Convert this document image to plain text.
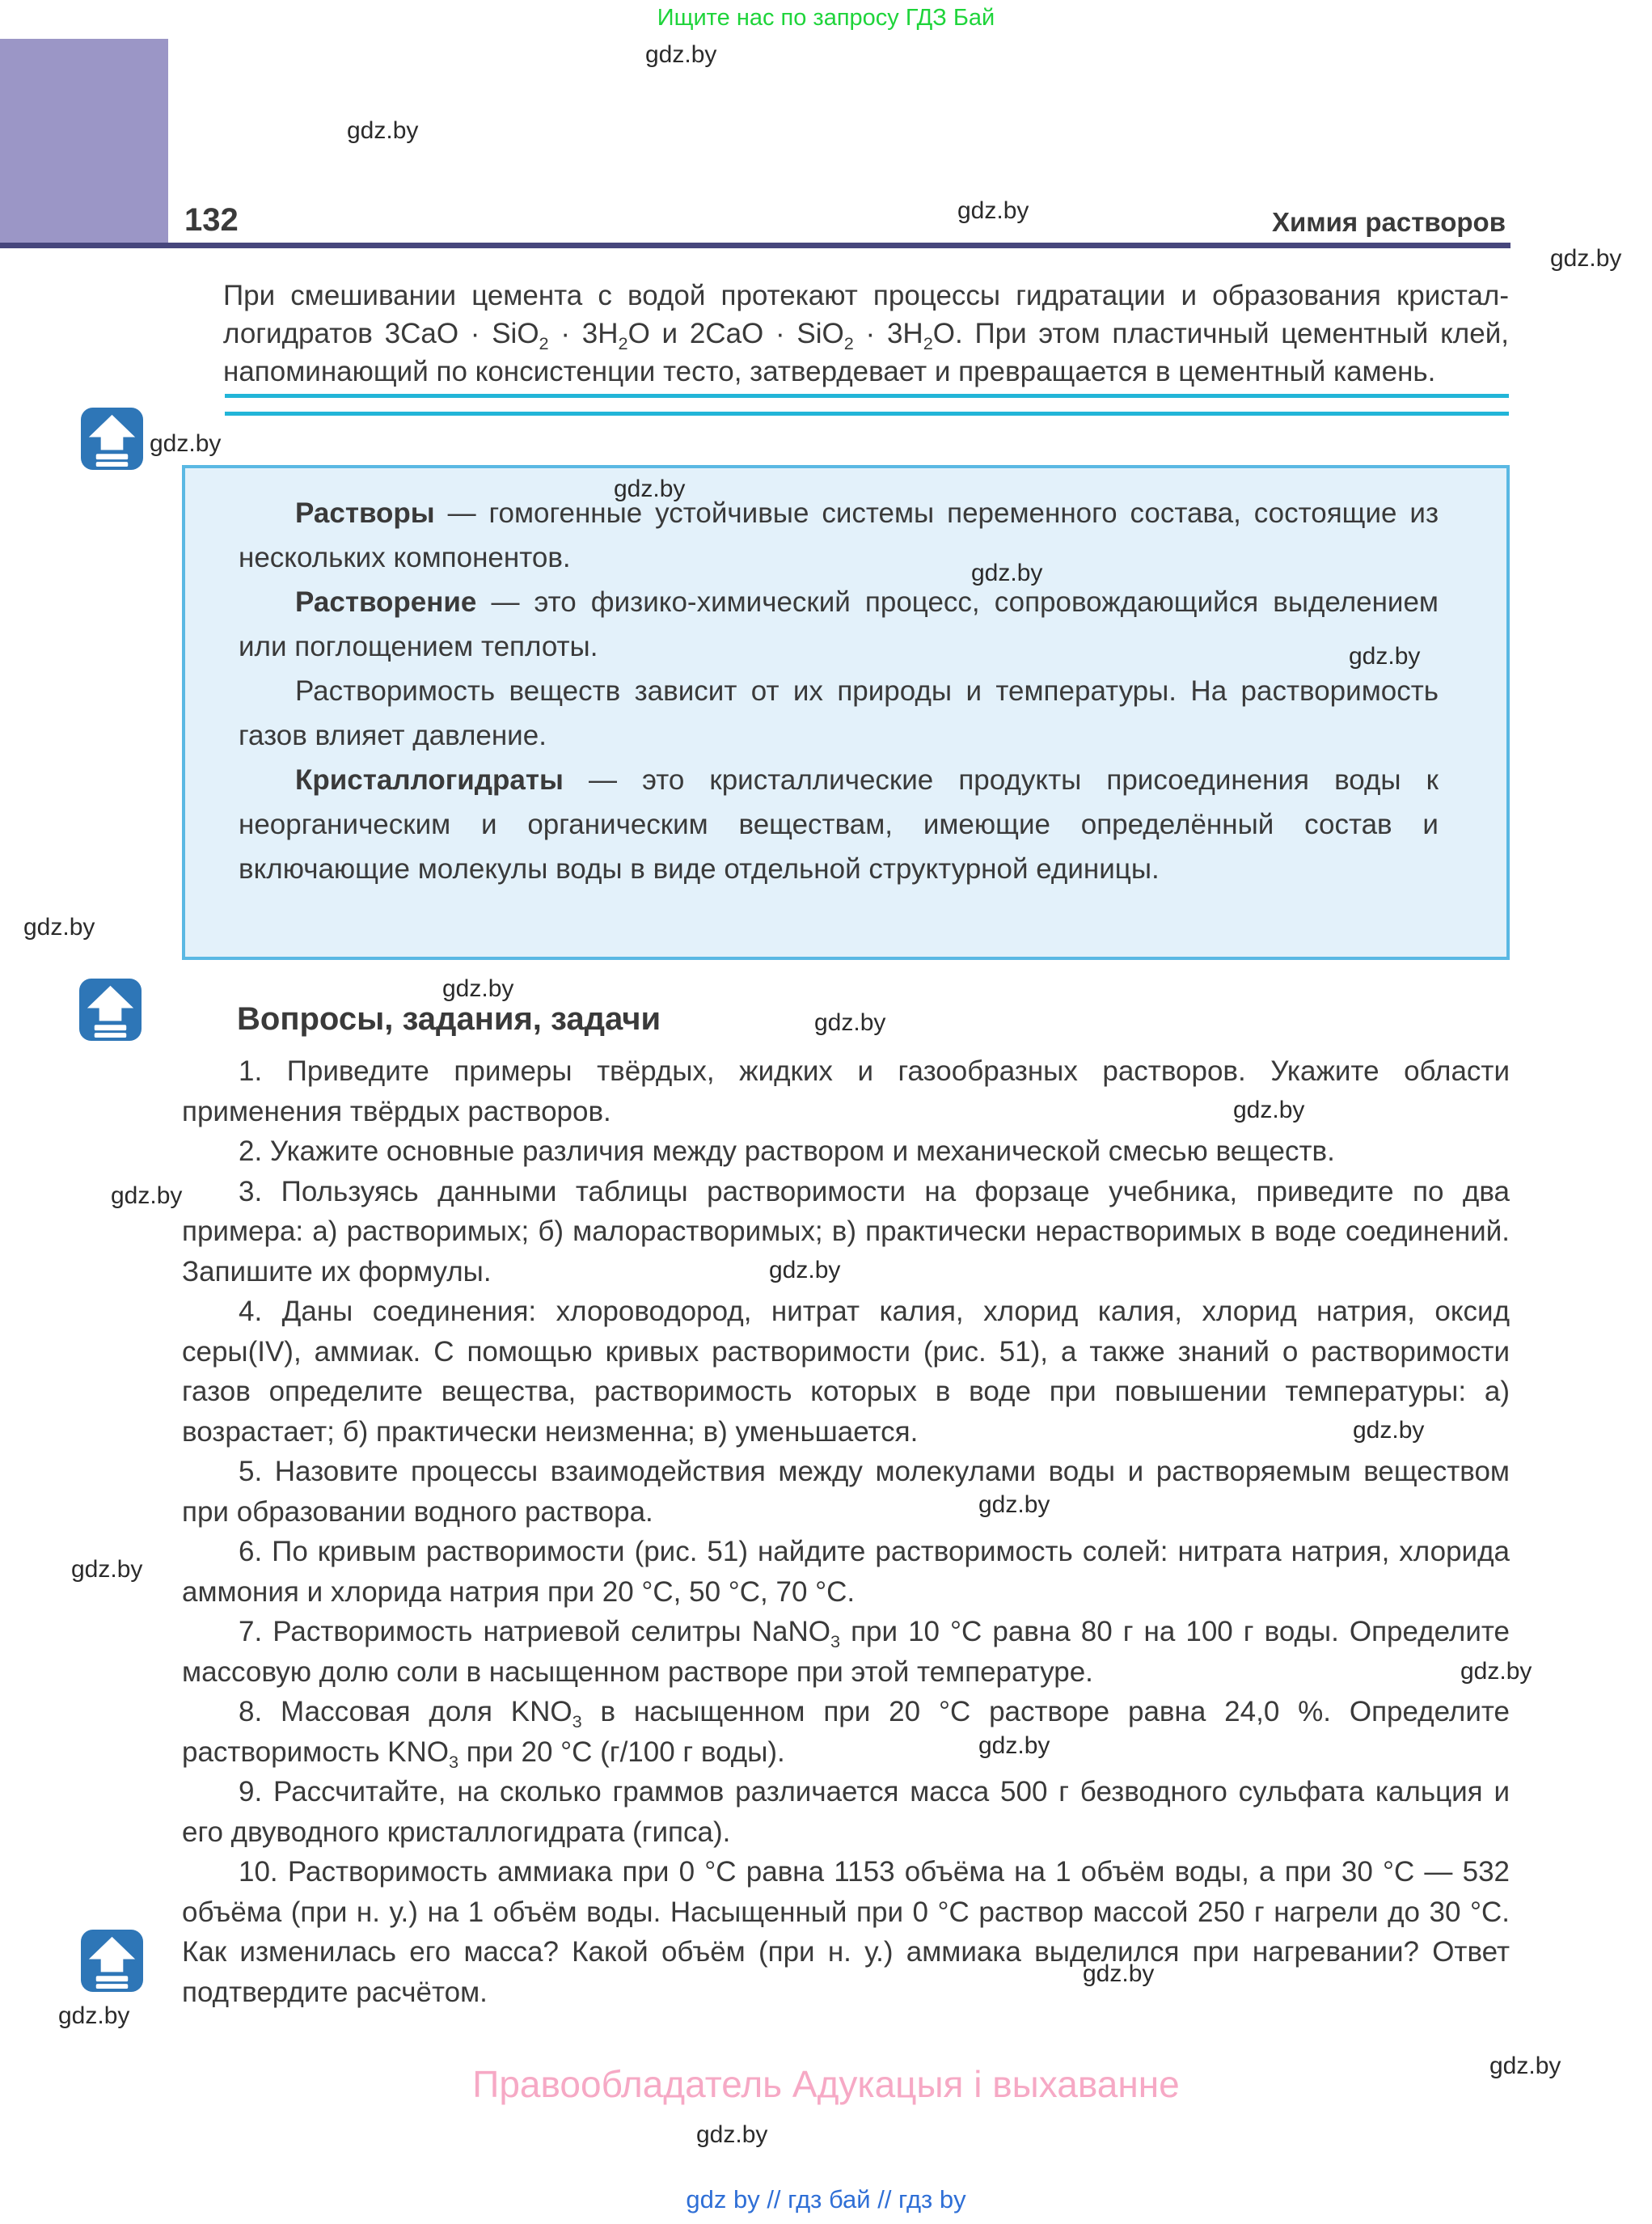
Ищите нас по запросу ГДЗ Бай
132	Химия растворов
При смешивании цемента с водой протекают процессы гидратации и образования кристаллогидратов $3CaO \cdot SiO_2 \cdot 3H_2O$ и $2CaO \cdot SiO_2 \cdot 3H_2O$. При этом пластичный цементный клей, напоминающий по консистенции тесто, затвердевает и превращается в цементный камень.

Растворы — гомогенные устойчивые системы переменного состава, состоящие из нескольких компонентов.

Растворение — это физико-химический процесс, сопровождающийся выделением или поглощением теплоты.

Растворимость веществ зависит от их природы и температуры. На растворимость газов влияет давление.

Кристаллогидраты — это кристаллические продукты присоединения воды к неорганическим и органическим веществам, имеющие определённый состав и включающие молекулы воды в виде отдельной структурной единицы.

Вопросы, задания, задачи

1. Приведите примеры твёрдых, жидких и газообразных растворов. Укажите области применения твёрдых растворов.

2. Укажите основные различия между раствором и механической смесью веществ.

3. Пользуясь данными таблицы растворимости на форзаце учебника, приведите по два примера: а) растворимых; б) малорастворимых; в) практически нерастворимых в воде соединений. Запишите их формулы.

4. Даны соединения: хлороводород, нитрат калия, хлорид калия, хлорид натрия, оксид серы(IV), аммиак. С помощью кривых растворимости (рис. 51), а также знаний о растворимости газов определите вещества, растворимость которых в воде при повышении температуры: а) возрастает; б) практически неизменна; в) уменьшается.

5. Назовите процессы взаимодействия между молекулами воды и растворяемым веществом при образовании водного раствора.

6. По кривым растворимости (рис. 51) найдите растворимость солей: нитрата натрия, хлорида аммония и хлорида натрия при 20 °С, 50 °С, 70 °С.

7. Растворимость натриевой селитры NaNO$_3$ при 10 °С равна 80 г на 100 г воды. Определите массовую долю соли в насыщенном растворе при этой температуре.

8. Массовая доля $KNO_3$ в насыщенном при 20 °С растворе равна 24,0 %. Определите растворимость $KNO_3$ при 20 °С (г/100 г воды).

9. Рассчитайте, на сколько граммов различается масса 500 г безводного сульфата кальция и его двуводного кристаллогидрата (гипса).

10. Растворимость аммиака при 0 °С равна 1153 объёма на 1 объём воды, а при 30 °С — 532 объёма (при н. у.) на 1 объём воды. Насыщенный при 0 °С раствор массой 250 г нагрели до 30 °С. Как изменилась его масса? Какой объём (при н. у.) аммиака выделился при нагревании? Ответ подтвердите расчётом.

Правообладатель Адукацыя і выхаванне
gdz by // гдз бай // гдз by
gdz.by
gdz.by
gdz.by
gdz.by
gdz.by
gdz.by
gdz.by
gdz.by
gdz.by
gdz.by
gdz.by
gdz.by
gdz.by
gdz.by
gdz.by
gdz.by
gdz.by
gdz.by
gdz.by
gdz.by
gdz.by
gdz.by
gdz.by
